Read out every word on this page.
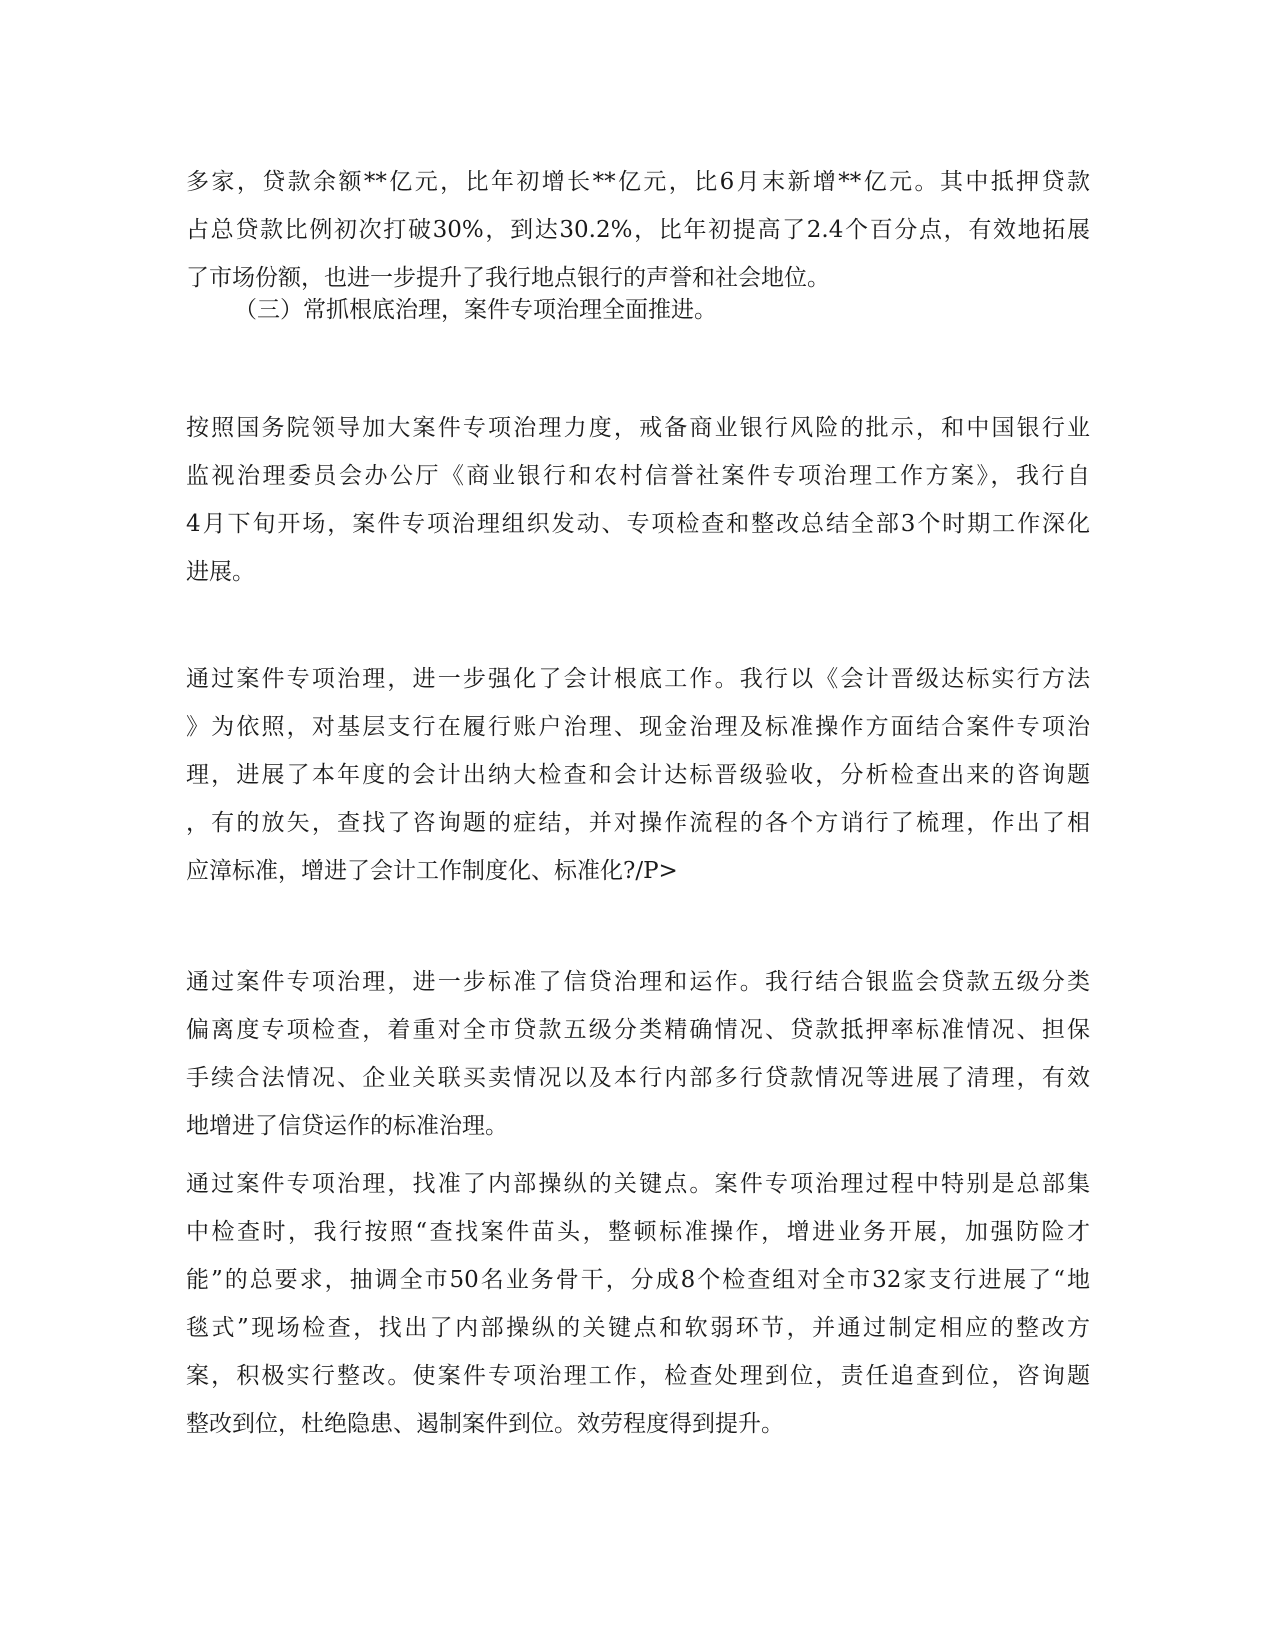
多家，贷款余额**亿元，比年初增长**亿元，比6月末新增**亿元。其中抵押贷款
占总贷款比例初次打破30%，到达30.2%，比年初提高了2.4个百分点，有效地拓展
了市场份额，也进一步提升了我行地点银行的声誉和社会地位。

（三）常抓根底治理，案件专项治理全面推进。

按照国务院领导加大案件专项治理力度，戒备商业银行风险的批示，和中国银行业
监视治理委员会办公厅《商业银行和农村信誉社案件专项治理工作方案》，我行自
4月下旬开场，案件专项治理组织发动、专项检查和整改总结全部3个时期工作深化
进展。

通过案件专项治理，进一步强化了会计根底工作。我行以《会计晋级达标实行方法
》为依照，对基层支行在履行账户治理、现金治理及标准操作方面结合案件专项治
理，进展了本年度的会计出纳大检查和会计达标晋级验收，分析检查出来的咨询题
，有的放矢，查找了咨询题的症结，并对操作流程的各个方诮行了梳理，作出了相
应漳标准，增进了会计工作制度化、标准化?/P>

通过案件专项治理，进一步标准了信贷治理和运作。我行结合银监会贷款五级分类
偏离度专项检查，着重对全市贷款五级分类精确情况、贷款抵押率标准情况、担保
手续合法情况、企业关联买卖情况以及本行内部多行贷款情况等进展了清理，有效
地增进了信贷运作的标准治理。

通过案件专项治理，找准了内部操纵的关键点。案件专项治理过程中特别是总部集
中检查时，我行按照“查找案件苗头，整顿标准操作，增进业务开展，加强防险才
能”的总要求，抽调全市50名业务骨干，分成8个检查组对全市32家支行进展了“地
毯式”现场检查，找出了内部操纵的关键点和软弱环节，并通过制定相应的整改方
案，积极实行整改。使案件专项治理工作，检查处理到位，责任追查到位，咨询题
整改到位，杜绝隐患、遏制案件到位。效劳程度得到提升。
